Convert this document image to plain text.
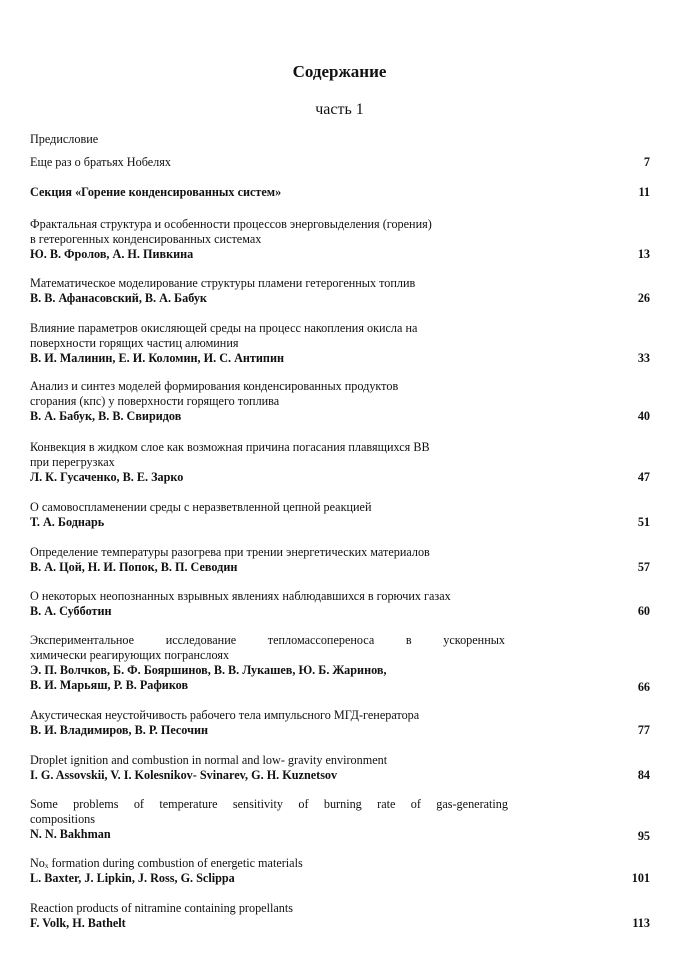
Содержание
часть 1
Предисловие
Еще раз о братьях Нобелях	7
Секция «Горение конденсированных систем»	11
Фрактальная структура и особенности процессов энерговыделения (горения)
в гетерогенных конденсированных системах
Ю. В. Фролов, А. Н. Пивкина	13
Математическое моделирование структуры пламени гетерогенных топлив
В. В. Афанасовский, В. А. Бабук	26
Влияние параметров окисляющей среды на процесс накопления окисла на
поверхности горящих частиц алюминия
В. И. Малинин, Е. И. Коломин, И. С. Антипин	33
Анализ и синтез моделей формирования конденсированных продуктов
сгорания (кпс) у поверхности горящего топлива
В. А. Бабук, В. В. Свиридов	40
Конвекция в жидком слое как возможная причина погасания плавящихся ВВ
при перегрузках
Л. К. Гусаченко, В. Е. Зарко	47
О самовоспламенении среды с неразветвленной цепной реакцией
Т. А. Боднарь	51
Определение температуры разогрева при трении энергетических материалов
В. А. Цой, Н. И. Попок, В. П. Севодин	57
О некоторых неопознанных взрывных явлениях наблюдавшихся в горючих газах
В. А. Субботин	60
Экспериментальное исследование тепломассопереноса в ускоренных
химически реагирующих погранслоях
Э. П. Волчков, Б. Ф. Бояршинов, В. В. Лукашев, Ю. Б. Жаринов,
В. И. Марьяш, Р. В. Рафиков	66
Акустическая неустойчивость рабочего тела импульсного МГД-генератора
В. И. Владимиров, В. Р. Песочин	77
Droplet ignition and combustion in normal and low- gravity environment
I. G. Assovskii, V. I. Kolesnikov- Svinarev, G. H. Kuznetsov	84
Some problems of temperature sensitivity of burning rate of gas-generating
compositions
N. N. Bakhman	95
Noₓ formation during combustion of energetic materials
L. Baxter, J. Lipkin, J. Ross, G. Sclippa	101
Reaction products of nitramine containing propellants
F. Volk, H. Bathelt	113
